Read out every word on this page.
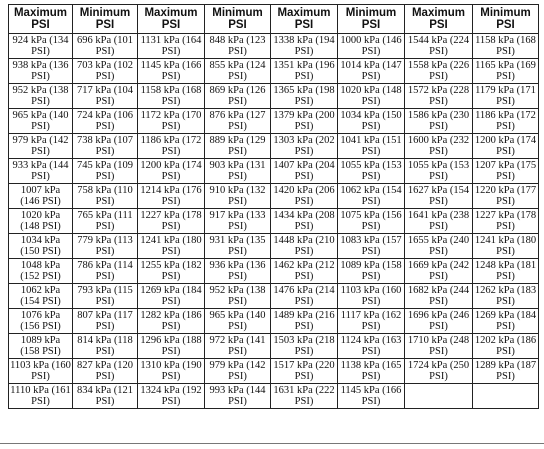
Maximum PSI	Minimum PSI	Maximum PSI	Minimum PSI	Maximum PSI	Minimum PSI	Maximum PSI	Minimum PSI
924 kPa (134 PSI)	696 kPa (101 PSI)	1131 kPa (164 PSI)	848 kPa (123 PSI)	1338 kPa (194 PSI)	1000 kPa (146 PSI)	1544 kPa (224 PSI)	1158 kPa (168 PSI)
938 kPa (136 PSI)	703 kPa (102 PSI)	1145 kPa (166 PSI)	855 kPa (124 PSI)	1351 kPa (196 PSI)	1014 kPa (147 PSI)	1558 kPa (226 PSI)	1165 kPa (169 PSI)
952 kPa (138 PSI)	717 kPa (104 PSI)	1158 kPa (168 PSI)	869 kPa (126 PSI)	1365 kPa (198 PSI)	1020 kPa (148 PSI)	1572 kPa (228 PSI)	1179 kPa (171 PSI)
965 kPa (140 PSI)	724 kPa (106 PSI)	1172 kPa (170 PSI)	876 kPa (127 PSI)	1379 kPa (200 PSI)	1034 kPa (150 PSI)	1586 kPa (230 PSI)	1186 kPa (172 PSI)
979 kPa (142 PSI)	738 kPa (107 PSI)	1186 kPa (172 PSI)	889 kPa (129 PSI)	1303 kPa (202 PSI)	1041 kPa (151 PSI)	1600 kPa (232 PSI)	1200 kPa (174 PSI)
933 kPa (144 PSI)	745 kPa (109 PSI)	1200 kPa (174 PSI)	903 kPa (131 PSI)	1407 kPa (204 PSI)	1055 kPa (153 PSI)	1055 kPa (153 PSI)	1207 kPa (175 PSI)
1007 kPa (146 PSI)	758 kPa (110 PSI)	1214 kPa (176 PSI)	910 kPa (132 PSI)	1420 kPa (206 PSI)	1062 kPa (154 PSI)	1627 kPa (154 PSI)	1220 kPa (177 PSI)
1020 kPa (148 PSI)	765 kPa (111 PSI)	1227 kPa (178 PSI)	917 kPa (133 PSI)	1434 kPa (208 PSI)	1075 kPa (156 PSI)	1641 kPa (238 PSI)	1227 kPa (178 PSI)
1034 kPa (150 PSI)	779 kPa (113 PSI)	1241 kPa (180 PSI)	931 kPa (135 PSI)	1448 kPa (210 PSI)	1083 kPa (157 PSI)	1655 kPa (240 PSI)	1241 kPa (180 PSI)
1048 kPa (152 PSI)	786 kPa (114 PSI)	1255 kPa (182 PSI)	936 kPa (136 PSI)	1462 kPa (212 PSI)	1089 kPa (158 PSI)	1669 kPa (242 PSI)	1248 kPa (181 PSI)
1062 kPa (154 PSI)	793 kPa (115 PSI)	1269 kPa (184 PSI)	952 kPa (138 PSI)	1476 kPa (214 PSI)	1103 kPa (160 PSI)	1682 kPa (244 PSI)	1262 kPa (183 PSI)
1076 kPa (156 PSI)	807 kPa (117 PSI)	1282 kPa (186 PSI)	965 kPa (140 PSI)	1489 kPa (216 PSI)	1117 kPa (162 PSI)	1696 kPa (246 PSI)	1269 kPa (184 PSI)
1089 kPa (158 PSI)	814 kPa (118 PSI)	1296 kPa (188 PSI)	972 kPa (141 PSI)	1503 kPa (218 PSI)	1124 kPa (163 PSI)	1710 kPa (248 PSI)	1202 kPa (186 PSI)
1103 kPa (160 PSI)	827 kPa (120 PSI)	1310 kPa (190 PSI)	979 kPa (142 PSI)	1517 kPa (220 PSI)	1138 kPa (165 PSI)	1724 kPa (250 PSI)	1289 kPa (187 PSI)
1110 kPa (161 PSI)	834 kPa (121 PSI)	1324 kPa (192 PSI)	993 kPa (144 PSI)	1631 kPa (222 PSI)	1145 kPa (166 PSI)		
